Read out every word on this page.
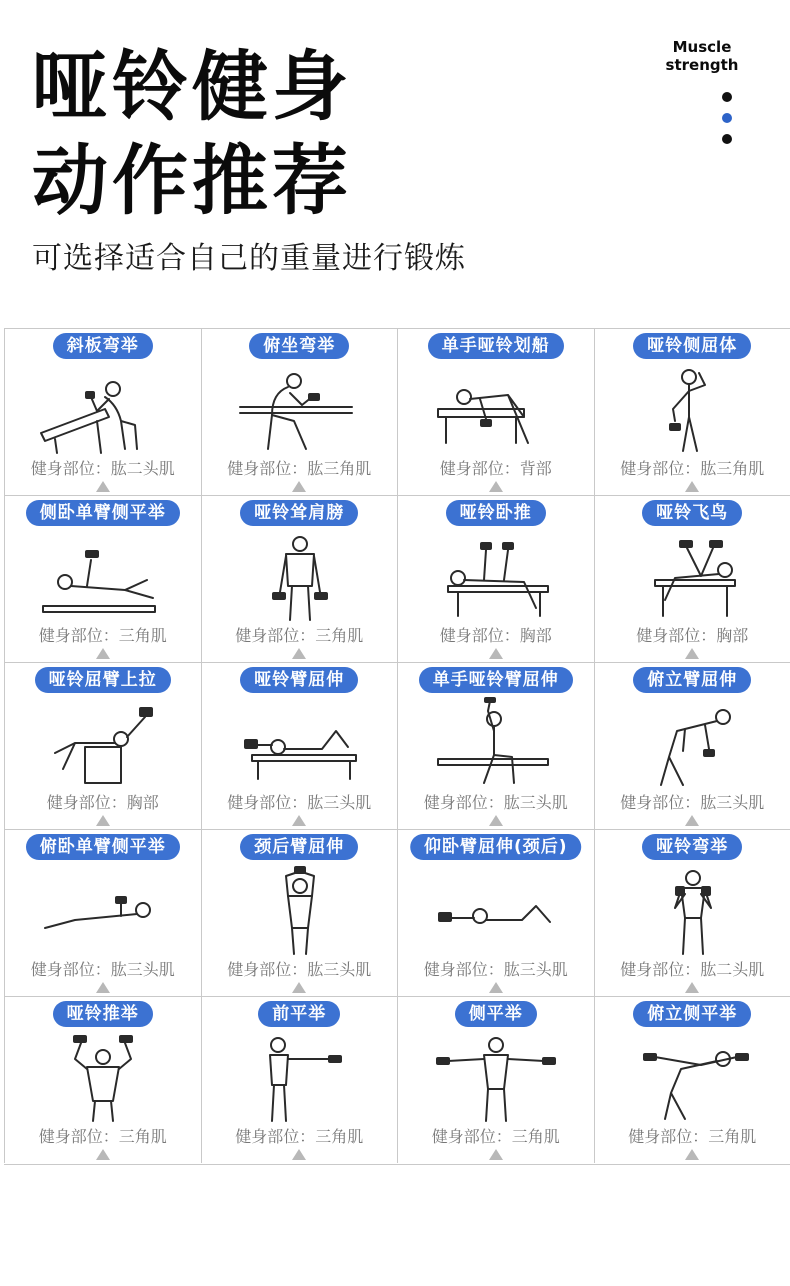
哑铃健身
动作推荐
可选择适合自己的重量进行锻炼
Muscle
strength
斜板弯举
健身部位：肱二头肌
俯坐弯举
健身部位：肱三角肌
单手哑铃划船
健身部位：背部
哑铃侧屈体
健身部位：肱三角肌
侧卧单臂侧平举
健身部位：三角肌
哑铃耸肩膀
健身部位：三角肌
哑铃卧推
健身部位：胸部
哑铃飞鸟
健身部位：胸部
哑铃屈臂上拉
健身部位：胸部
哑铃臂屈伸
健身部位：肱三头肌
单手哑铃臂屈伸
健身部位：肱三头肌
俯立臂屈伸
健身部位：肱三头肌
俯卧单臂侧平举
健身部位：肱三头肌
颈后臂屈伸
健身部位：肱三头肌
仰卧臂屈伸(颈后)
健身部位：肱三头肌
哑铃弯举
健身部位：肱二头肌
哑铃推举
健身部位：三角肌
前平举
健身部位：三角肌
侧平举
健身部位：三角肌
俯立侧平举
健身部位：三角肌
